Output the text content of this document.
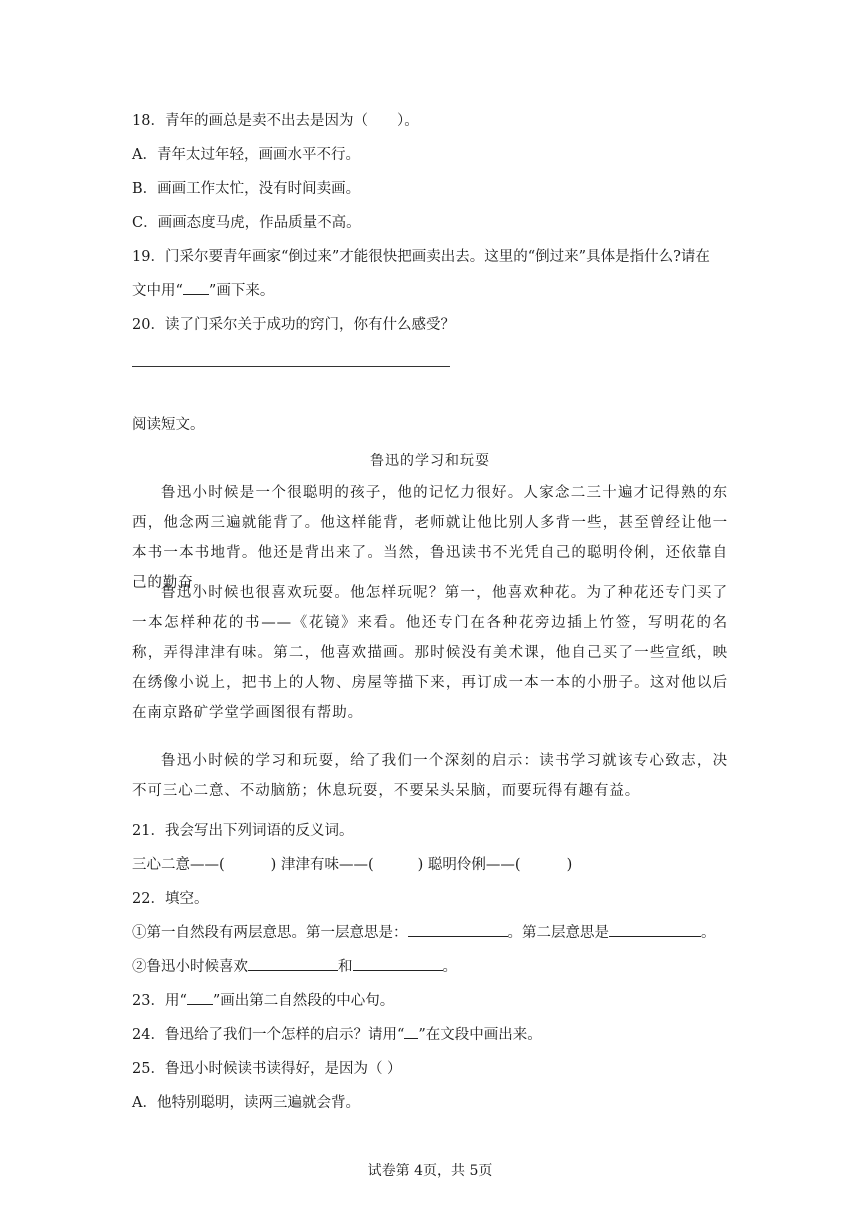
18．青年的画总是卖不出去是因为（　　）。
A．青年太过年轻，画画水平不行。
B．画画工作太忙，没有时间卖画。
C．画画态度马虎，作品质量不高。
19．门采尔要青年画家“倒过来”才能很快把画卖出去。这里的“倒过来”具体是指什么?请在
文中用“ ”画下来。
20．读了门采尔关于成功的窍门，你有什么感受？
阅读短文。
鲁迅的学习和玩耍
鲁迅小时候是一个很聪明的孩子，他的记忆力很好。人家念二三十遍才记得熟的东西，他念两三遍就能背了。他这样能背，老师就让他比别人多背一些，甚至曾经让他一本书一本书地背。他还是背出来了。当然，鲁迅读书不光凭自己的聪明伶俐，还依靠自己的勤奋。
鲁迅小时候也很喜欢玩耍。他怎样玩呢？第一，他喜欢种花。为了种花还专门买了一本怎样种花的书——《花镜》来看。他还专门在各种花旁边插上竹签，写明花的名称，弄得津津有味。第二，他喜欢描画。那时候没有美术课，他自己买了一些宣纸，映在绣像小说上，把书上的人物、房屋等描下来，再订成一本一本的小册子。这对他以后在南京路矿学堂学画图很有帮助。
鲁迅小时候的学习和玩耍，给了我们一个深刻的启示：读书学习就该专心致志，决不可三心二意、不动脑筋；休息玩耍，不要呆头呆脑，而要玩得有趣有益。
21．我会写出下列词语的反义词。
三心二意——(	) 津津有味——(	) 聪明伶俐——(	)
22．填空。
①第一自然段有两层意思。第一层意思是：	。第二层意思是	。
②鲁迅小时候喜欢	和	。
23．用“ ”画出第二自然段的中心句。
24．鲁迅给了我们一个怎样的启示？请用“ ”在文段中画出来。
25．鲁迅小时候读书读得好，是因为（ ）
A．他特别聪明，读两三遍就会背。
试卷第 4页，共 5页
